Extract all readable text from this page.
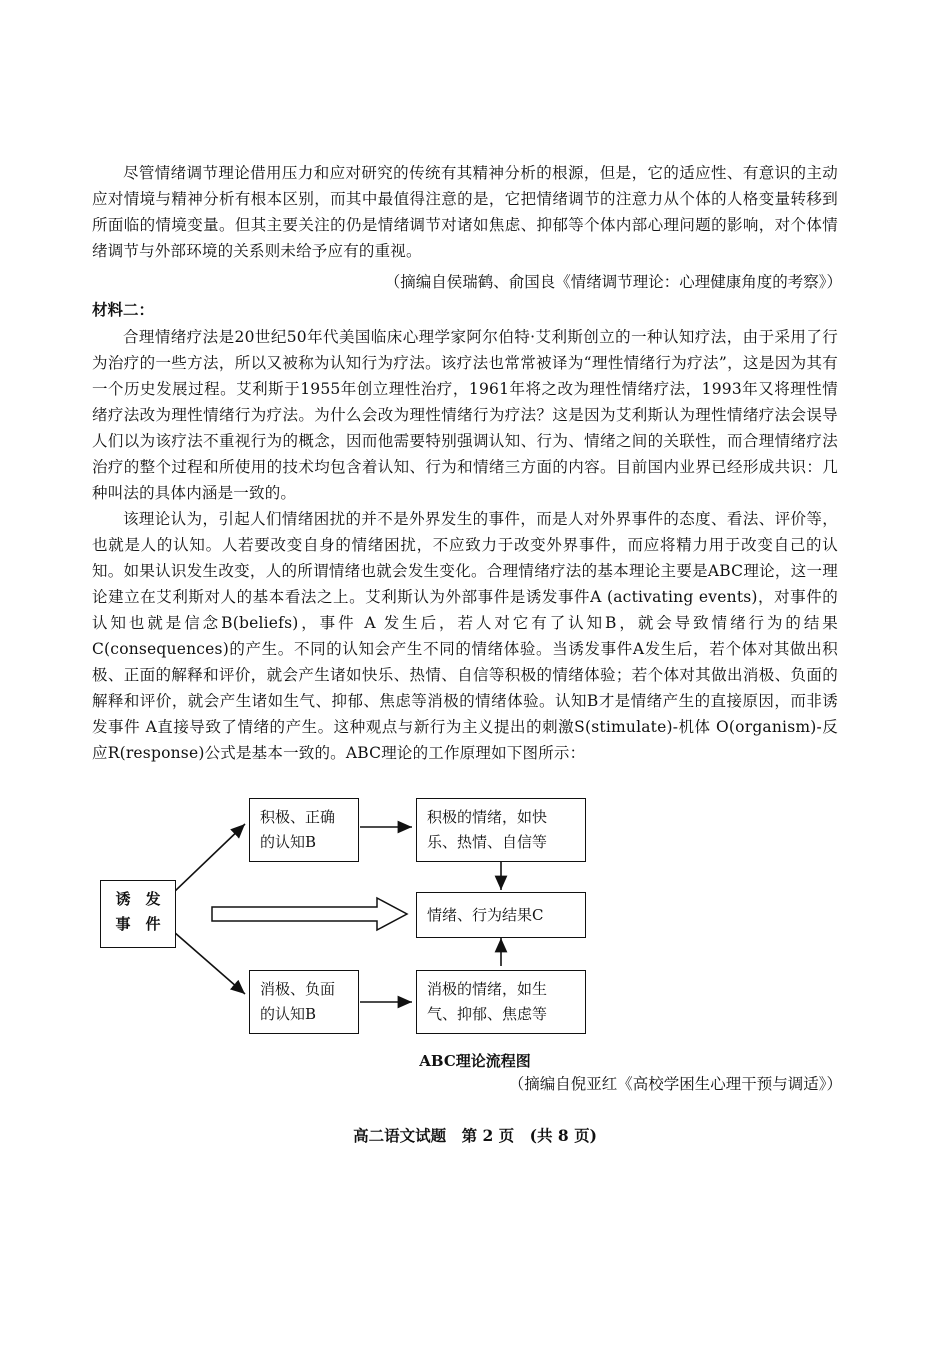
尽管情绪调节理论借用压力和应对研究的传统有其精神分析的根源，但是，它的适应性、有意识的主动应对情境与精神分析有根本区别，而其中最值得注意的是，它把情绪调节的注意力从个体的人格变量转移到所面临的情境变量。但其主要关注的仍是情绪调节对诸如焦虑、抑郁等个体内部心理问题的影响，对个体情绪调节与外部环境的关系则未给予应有的重视。

（摘编自侯瑞鹤、俞国良《情绪调节理论：心理健康角度的考察》）

材料二：

合理情绪疗法是20世纪50年代美国临床心理学家阿尔伯特·艾利斯创立的一种认知疗法，由于采用了行为治疗的一些方法，所以又被称为认知行为疗法。该疗法也常常被译为“理性情绪行为疗法”，这是因为其有一个历史发展过程。艾利斯于1955年创立理性治疗，1961年将之改为理性情绪疗法，1993年又将理性情绪疗法改为理性情绪行为疗法。为什么会改为理性情绪行为疗法？这是因为艾利斯认为理性情绪疗法会误导人们以为该疗法不重视行为的概念，因而他需要特别强调认知、行为、情绪之间的关联性，而合理情绪疗法治疗的整个过程和所使用的技术均包含着认知、行为和情绪三方面的内容。目前国内业界已经形成共识：几种叫法的具体内涵是一致的。

该理论认为，引起人们情绪困扰的并不是外界发生的事件，而是人对外界事件的态度、看法、评价等，也就是人的认知。人若要改变自身的情绪困扰，不应致力于改变外界事件，而应将精力用于改变自己的认知。如果认识发生改变，人的所谓情绪也就会发生变化。合理情绪疗法的基本理论主要是ABC理论，这一理论建立在艾利斯对人的基本看法之上。艾利斯认为外部事件是诱发事件A (activating events)，对事件的认知也就是信念B(beliefs)，事件 A 发生后，若人对它有了认知B，就会导致情绪行为的结果 C(consequences)的产生。不同的认知会产生不同的情绪体验。当诱发事件A发生后，若个体对其做出积极、正面的解释和评价，就会产生诸如快乐、热情、自信等积极的情绪体验；若个体对其做出消极、负面的解释和评价，就会产生诸如生气、抑郁、焦虑等消极的情绪体验。认知B才是情绪产生的直接原因，而非诱发事件 A直接导致了情绪的产生。这种观点与新行为主义提出的刺激S(stimulate)-机体 O(organism)-反应R(response)公式是基本一致的。ABC理论的工作原理如下图所示：

诱　发
事　件
积极、正确
的认知B
积极的情绪，如快
乐、热情、自信等
情绪、行为结果C
消极、负面
的认知B
消极的情绪，如生
气、抑郁、焦虑等

ABC理论流程图

（摘编自倪亚红《高校学困生心理干预与调适》）

高二语文试题　第 2 页　(共 8 页)
